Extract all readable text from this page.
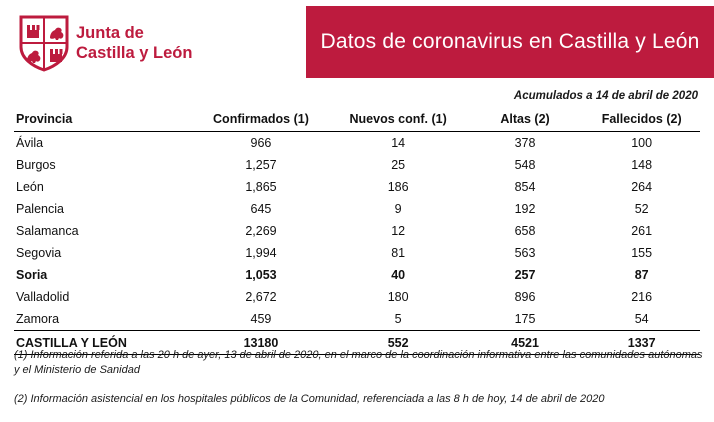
Datos de coronavirus en Castilla y León
Junta de
Castilla y León
Acumulados a 14 de abril de 2020
Provincia	Confirmados (1)	Nuevos conf. (1)	Altas (2)	Fallecidos (2)
Ávila	966	14	378	100
Burgos	1,257	25	548	148
León	1,865	186	854	264
Palencia	645	9	192	52
Salamanca	2,269	12	658	261
Segovia	1,994	81	563	155
Soria	1,053	40	257	87
Valladolid	2,672	180	896	216
Zamora	459	5	175	54
CASTILLA Y LEÓN	13180	552	4521	1337

(1) Información referida a las 20 h de ayer, 13 de abril de 2020, en el marco de la coordinación informativa entre las comunidades autónomas y el Ministerio de Sanidad

(2) Información asistencial en los hospitales públicos de la Comunidad, referenciada a las 8 h de hoy, 14 de abril de 2020
